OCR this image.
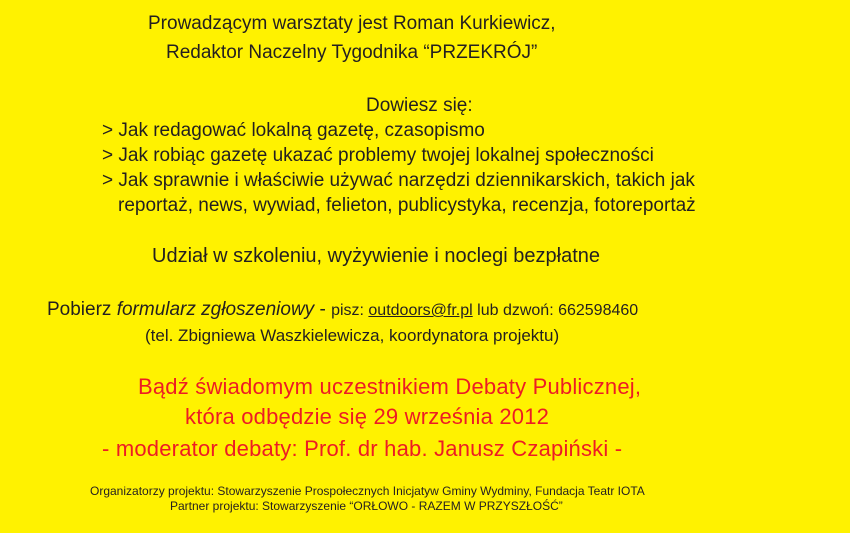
Prowadzącym warsztaty jest Roman Kurkiewicz,
Redaktor Naczelny Tygodnika “PRZEKRÓJ”
Dowiesz się:
> Jak redagować lokalną gazetę, czasopismo
> Jak robiąc gazetę ukazać problemy twojej lokalnej społeczności
> Jak sprawnie i właściwie używać narzędzi dziennikarskich, takich jak
reportaż, news, wywiad, felieton, publicystyka, recenzja, fotoreportaż
Udział w szkoleniu, wyżywienie i noclegi bezpłatne
Pobierz formularz zgłoszeniowy - pisz: outdoors@fr.pl lub dzwoń: 662598460
(tel. Zbigniewa Waszkielewicza, koordynatora projektu)
Bądź świadomym uczestnikiem Debaty Publicznej,
która odbędzie się 29 września 2012
- moderator debaty: Prof. dr hab. Janusz Czapiński -
Organizatorzy projektu: Stowarzyszenie Prospołecznych Inicjatyw Gminy Wydminy, Fundacja Teatr IOTA
Partner projektu: Stowarzyszenie “ORŁOWO - RAZEM W PRZYSZŁOŚĆ”
